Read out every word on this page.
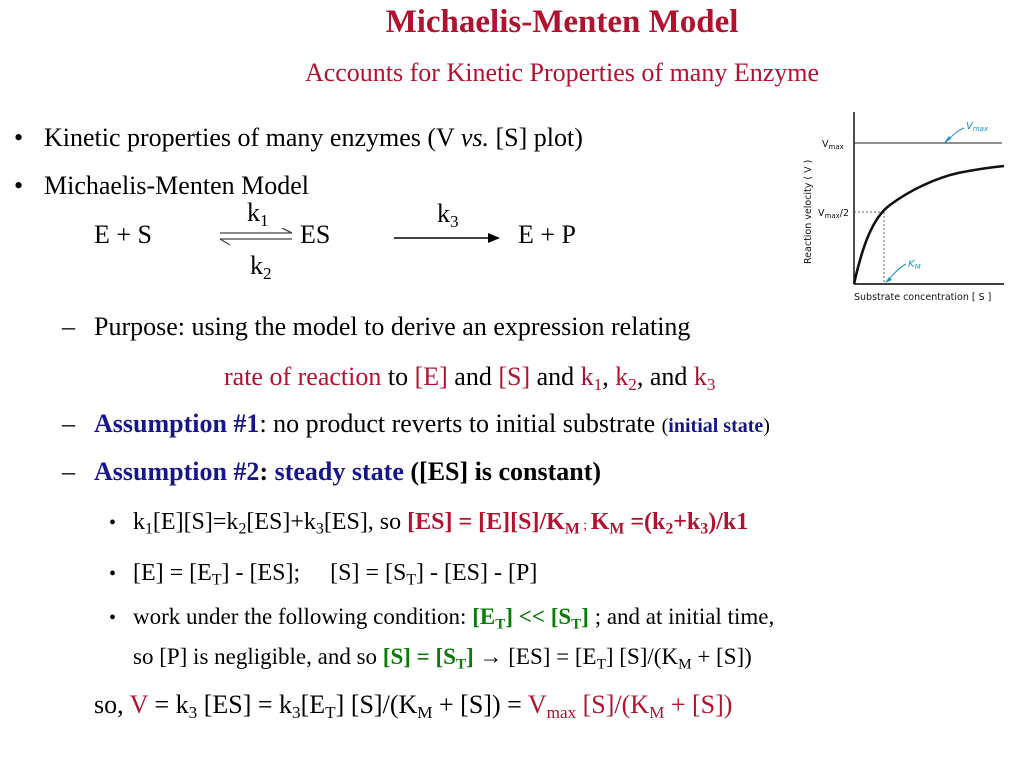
Michaelis-Menten Model
Accounts for Kinetic Properties of many Enzyme
• Kinetic properties of many enzymes (V vs. [S] plot)
• Michaelis-Menten Model
E + S
$k_1$
$k_2$
ES
$k_3$ E + P
– Purpose: using the model to derive an expression relating
rate of reaction to [E] and [S] and $k_1$, $k_2$, and $k_3$
– Assumption #1: no product reverts to initial substrate (initial state)
– Assumption #2: steady state ([ES] is constant)
• $k_1[E][S]=k_2[ES]+k_3[ES]$, so $[ES] = [E][S]/K_M$ ; $K_M =(k_2+k_3)/k1$
• $[E] = [E_T] - [ES]$;     $[S] = [S_T] - [ES] - [P]$
• work under the following condition: $[E_T] << [S_T]$ ; and at initial time,
so [P] is negligible, and so $[S] = [S_T] \to [ES] = [E_T] [S]/(K_M + [S])$
so, $V = k_3$ $[ES] = k_3[E_T] [S]/(K_M + [S]) = V_{max}$ $[S]/(K_M + [S])$
Reaction velocity ( V )
Substrate concentration [ S ]
$V_{max}$
$V_{max}/2$
$V_{max}$
$K_M$
